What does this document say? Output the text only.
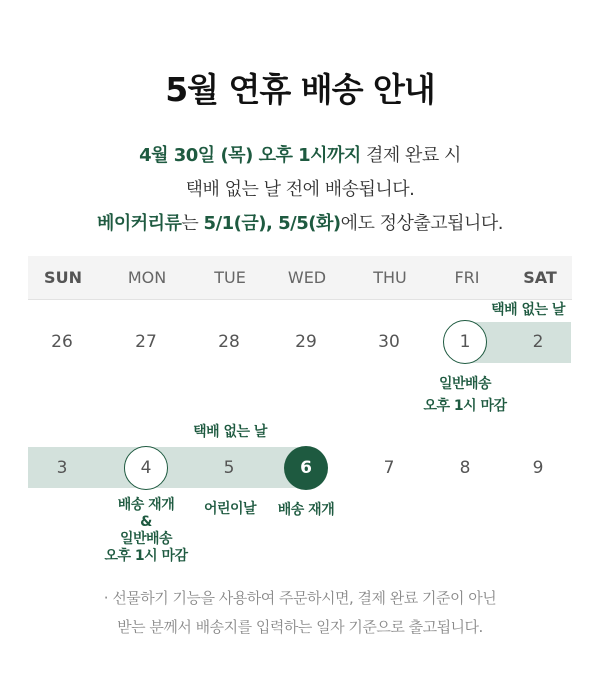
5월 연휴 배송 안내
4월 30일 (목) 오후 1시까지 결제 완료 시
택배 없는 날 전에 배송됩니다.
베이커리류는 5/1(금), 5/5(화)에도 정상출고됩니다.
SUN	MON	TUE	WED	THU	FRI	SAT
택배 없는 날
26	27	28	29	30	1	2
일반배송
오후 1시 마감
택배 없는 날
3	4	5	6	7	8	9
배송 재개
&
일반배송
오후 1시 마감
어린이날	배송 재개
· 선물하기 기능을 사용하여 주문하시면, 결제 완료 기준이 아닌
받는 분께서 배송지를 입력하는 일자 기준으로 출고됩니다.
